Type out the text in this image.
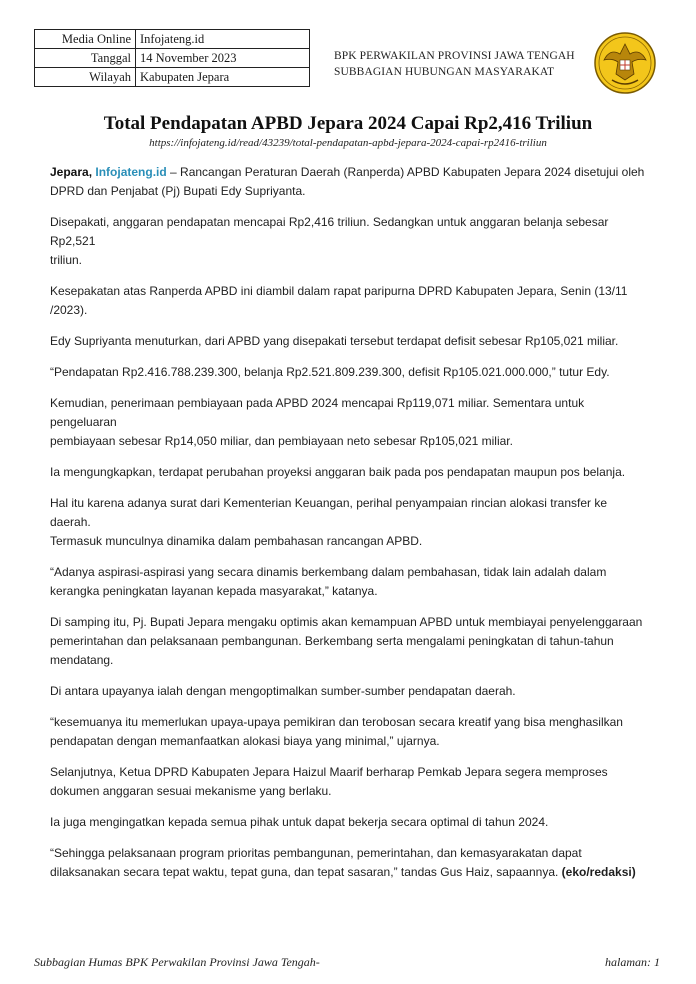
Media Online	Infojateng.id
Tanggal	14 November 2023
Wilayah	Kabupaten Jepara
BPK PERWAKILAN PROVINSI JAWA TENGAH
SUBBAGIAN HUBUNGAN MASYARAKAT
Total Pendapatan APBD Jepara 2024 Capai Rp2,416 Triliun
https://infojateng.id/read/43239/total-pendapatan-apbd-jepara-2024-capai-rp2416-triliun

Jepara, Infojateng.id – Rancangan Peraturan Daerah (Ranperda) APBD Kabupaten Jepara 2024 disetujui oleh
DPRD dan Penjabat (Pj) Bupati Edy Supriyanta.

Disepakati, anggaran pendapatan mencapai Rp2,416 triliun. Sedangkan untuk anggaran belanja sebesar Rp2,521
triliun.

Kesepakatan atas Ranperda APBD ini diambil dalam rapat paripurna DPRD Kabupaten Jepara, Senin (13/11
/2023).

Edy Supriyanta menuturkan, dari APBD yang disepakati tersebut terdapat defisit sebesar Rp105,021 miliar.

“Pendapatan Rp2.416.788.239.300, belanja Rp2.521.809.239.300, defisit Rp105.021.000.000,” tutur Edy.

Kemudian, penerimaan pembiayaan pada APBD 2024 mencapai Rp119,071 miliar. Sementara untuk pengeluaran
pembiayaan sebesar Rp14,050 miliar, dan pembiayaan neto sebesar Rp105,021 miliar.

Ia mengungkapkan, terdapat perubahan proyeksi anggaran baik pada pos pendapatan maupun pos belanja.

Hal itu karena adanya surat dari Kementerian Keuangan, perihal penyampaian rincian alokasi transfer ke daerah.
Termasuk munculnya dinamika dalam pembahasan rancangan APBD.

“Adanya aspirasi-aspirasi yang secara dinamis berkembang dalam pembahasan, tidak lain adalah dalam
kerangka peningkatan layanan kepada masyarakat,” katanya.

Di samping itu, Pj. Bupati Jepara mengaku optimis akan kemampuan APBD untuk membiayai penyelenggaraan
pemerintahan dan pelaksanaan pembangunan. Berkembang serta mengalami peningkatan di tahun-tahun
mendatang.

Di antara upayanya ialah dengan mengoptimalkan sumber-sumber pendapatan daerah.

“kesemuanya itu memerlukan upaya-upaya pemikiran dan terobosan secara kreatif yang bisa menghasilkan
pendapatan dengan memanfaatkan alokasi biaya yang minimal,” ujarnya.

Selanjutnya, Ketua DPRD Kabupaten Jepara Haizul Maarif berharap Pemkab Jepara segera memproses
dokumen anggaran sesuai mekanisme yang berlaku.

Ia juga mengingatkan kepada semua pihak untuk dapat bekerja secara optimal di tahun 2024.

“Sehingga pelaksanaan program prioritas pembangunan, pemerintahan, dan kemasyarakatan dapat
dilaksanakan secara tepat waktu, tepat guna, dan tepat sasaran,” tandas Gus Haiz, sapaannya. (eko/redaksi)

Subbagian Humas BPK Perwakilan Provinsi Jawa Tengah-	halaman: 1
